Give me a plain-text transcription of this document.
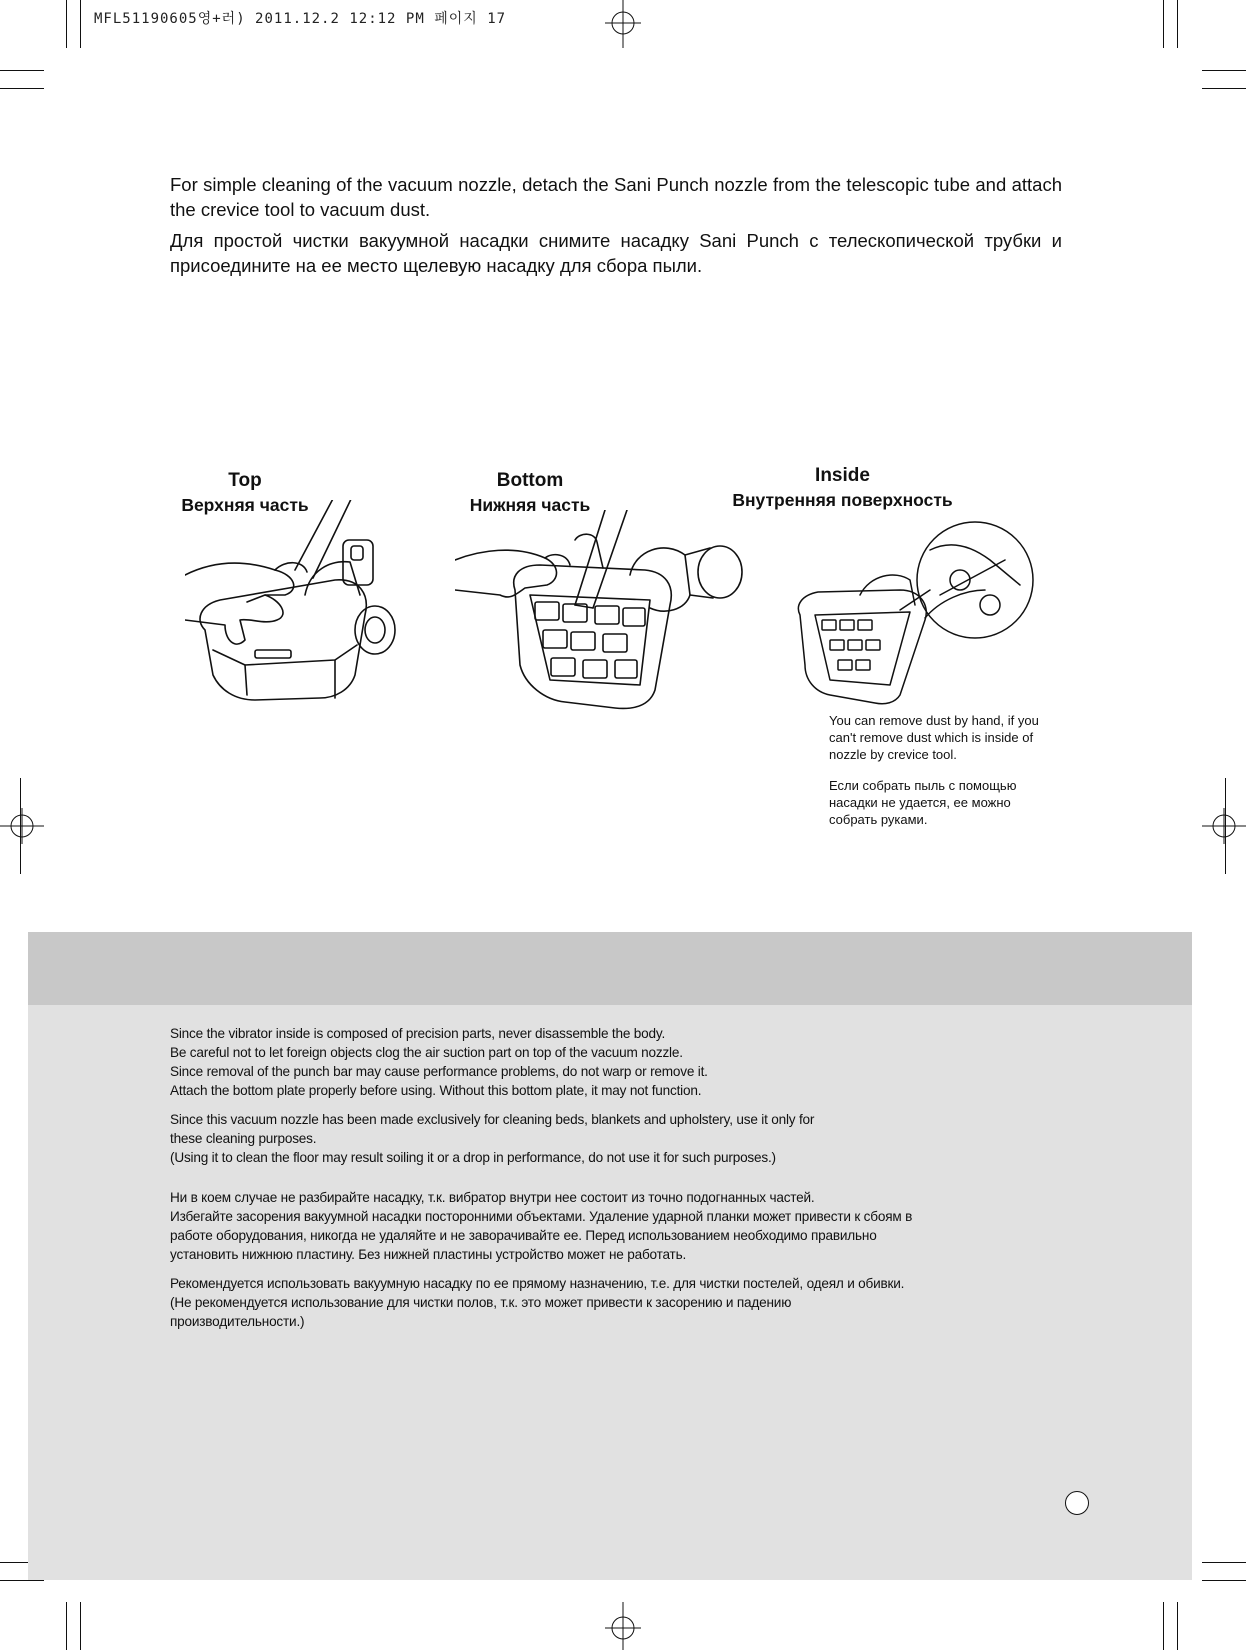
MFL51190605영+러) 2011.12.2 12:12 PM 페이지 17

For simple cleaning of the vacuum nozzle, detach the Sani Punch nozzle from the telescopic tube and attach the crevice tool to vacuum dust.

Для простой чистки вакуумной насадки снимите насадку Sani Punch с телескопической трубки и присоедините на ее место щелевую насадку для сбора пыли.

Top
Верхняя часть
Bottom
Нижняя часть
Inside
Внутренняя поверхность

You can remove dust by hand, if you can't remove dust which is inside of nozzle by crevice tool.

Если собрать пыль с помощью насадки не удается, ее можно собрать руками.

Since the vibrator inside is composed of precision parts, never disassemble the body.

Be careful not to let foreign objects clog the air suction part on top of the vacuum nozzle.

Since removal of the punch bar may cause performance problems, do not warp or remove it.

Attach the bottom plate properly before using. Without this bottom plate, it may not function.

Since this vacuum nozzle has been made exclusively for cleaning beds, blankets and upholstery, use it only for

these cleaning purposes.

(Using it to clean the floor may result soiling it or a drop in performance, do not use it for such purposes.)

Ни в коем случае не разбирайте насадку, т.к. вибратор внутри нее состоит из точно подогнанных частей.

Избегайте засорения вакуумной насадки посторонними объектами. Удаление ударной планки может привести к сбоям в

работе оборудования, никогда не удаляйте и не заворачивайте ее. Перед использованием необходимо правильно

установить нижнюю пластину. Без нижней пластины устройство может не работать.

Рекомендуется использовать вакуумную насадку по ее прямому назначению, т.е. для чистки постелей, одеял и обивки.

(Не рекомендуется использование для чистки полов, т.к. это может привести к засорению и падению

производительности.)
